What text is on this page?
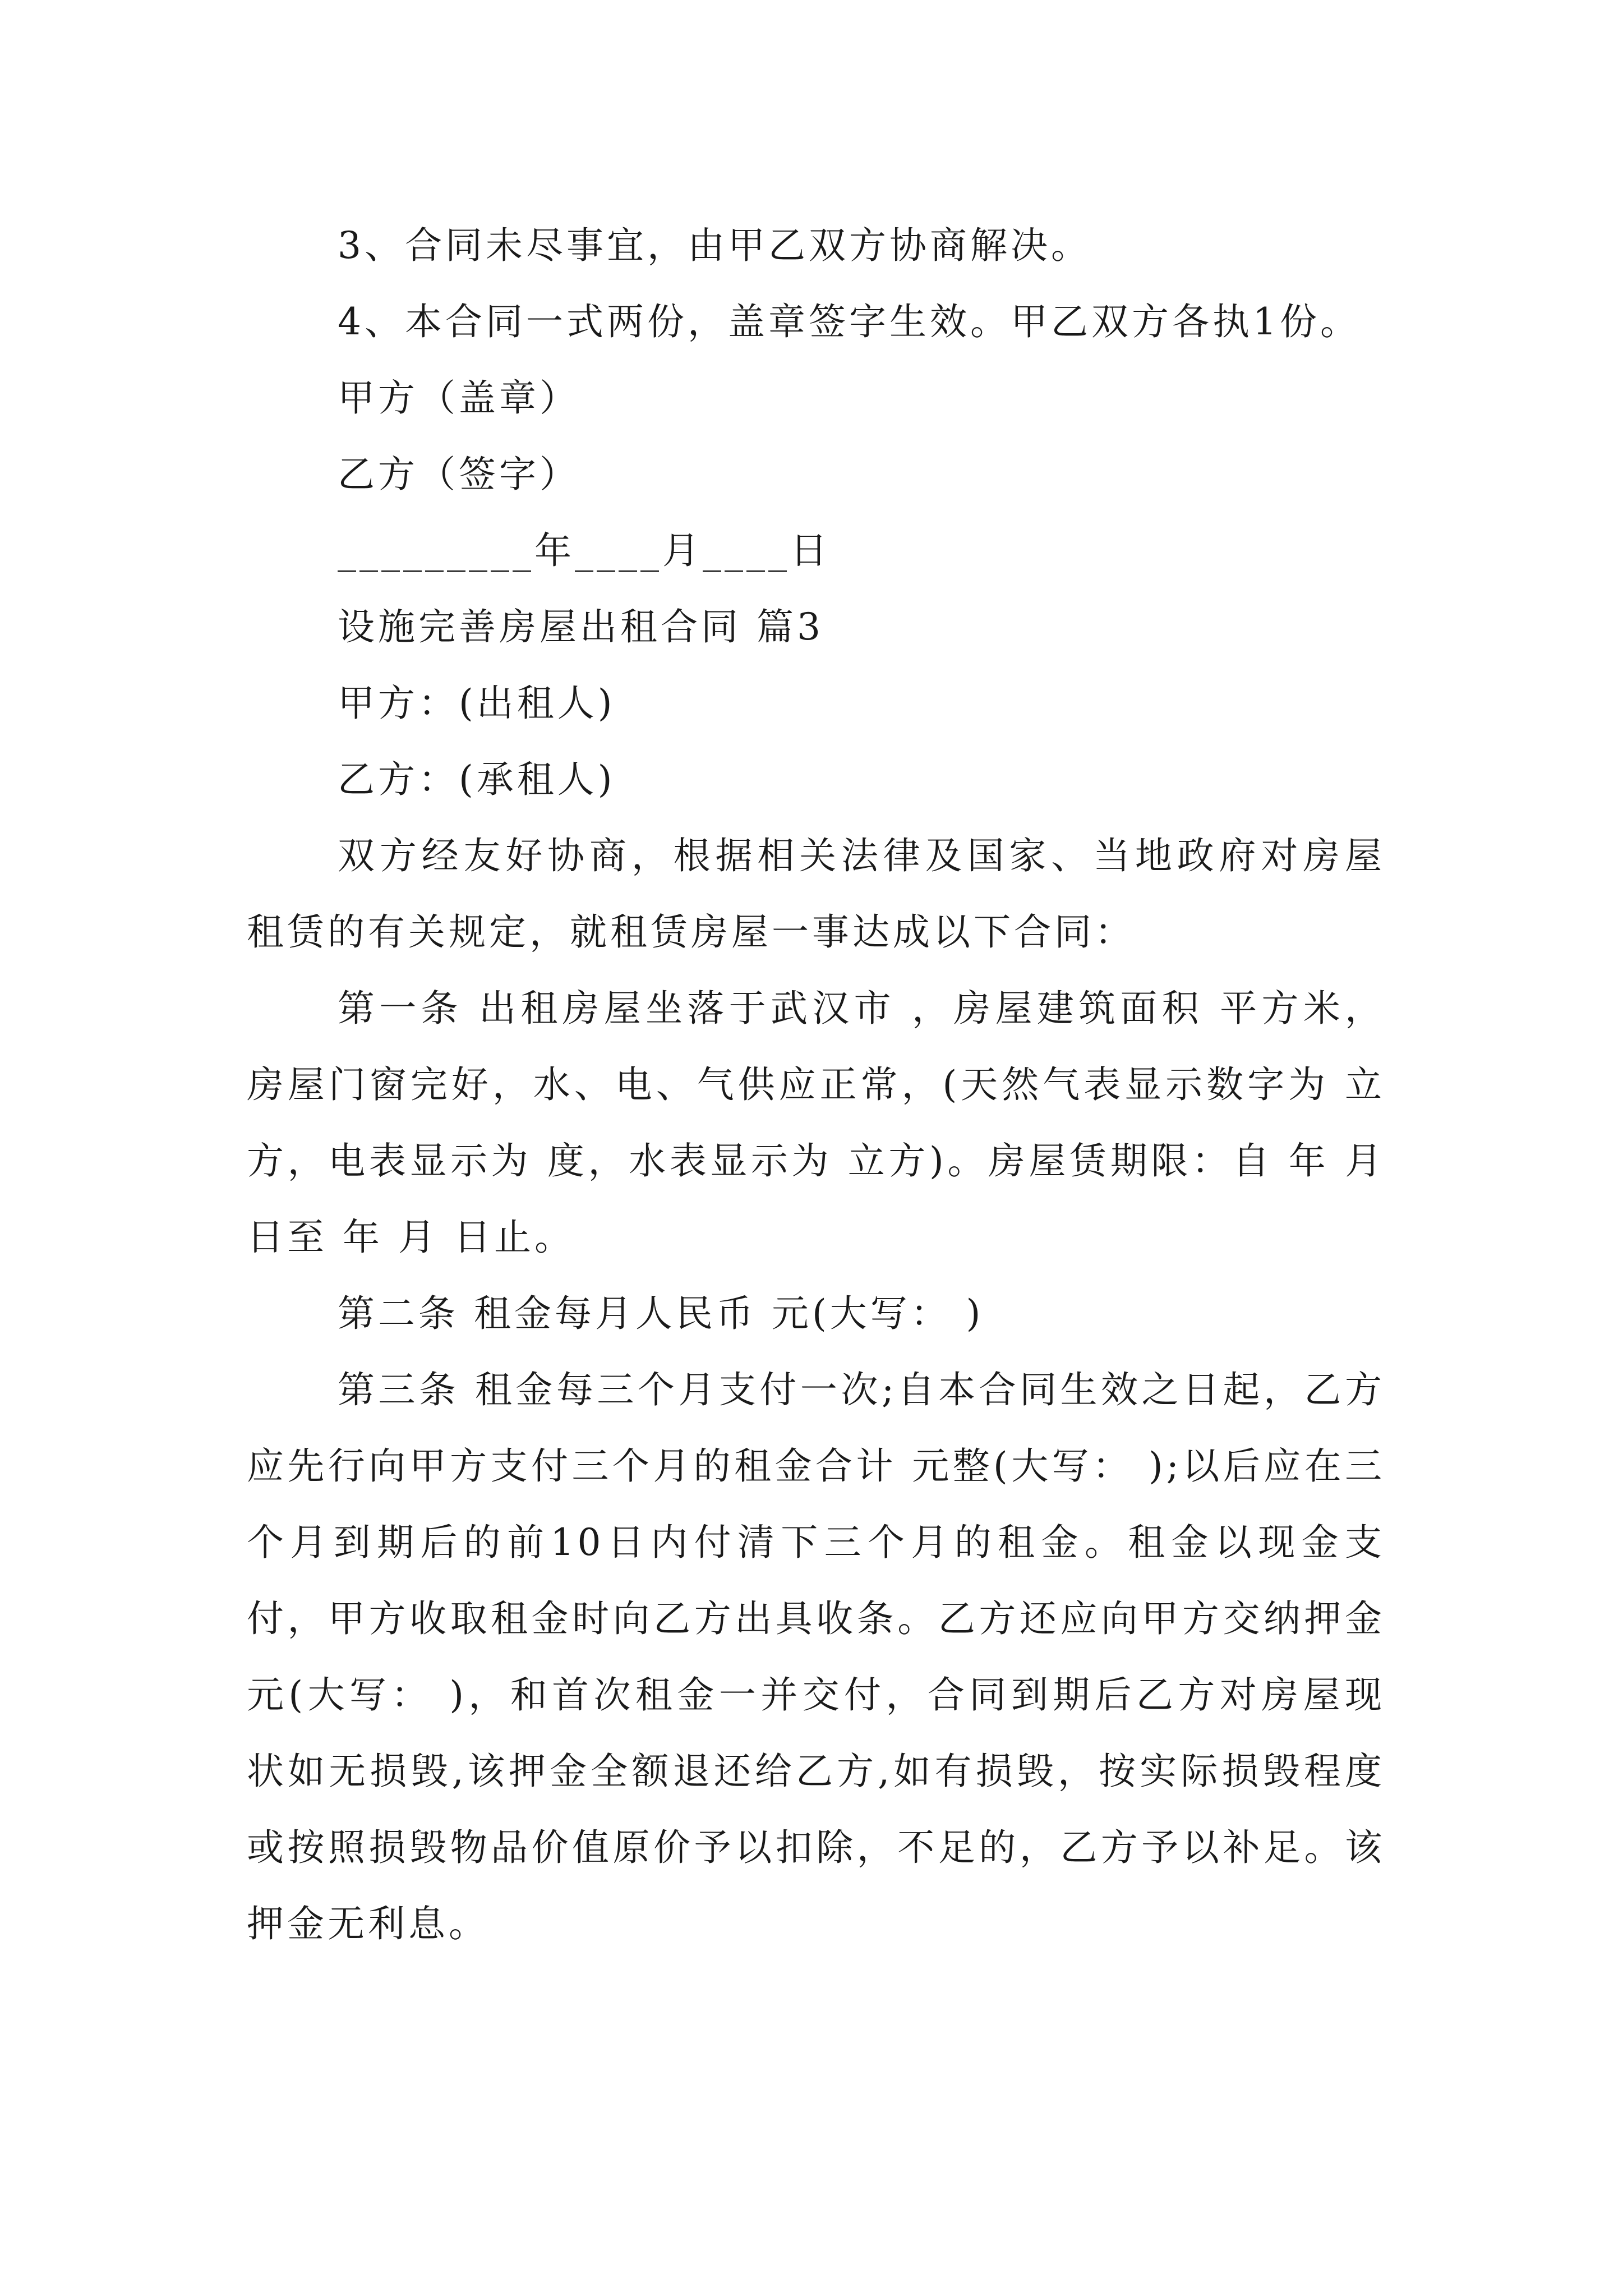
3、合同未尽事宜，由甲乙双方协商解决。

4、本合同一式两份，盖章签字生效。甲乙双方各执1份。

甲方（盖章）

乙方（签字）

_________年____月____日

设施完善房屋出租合同 篇3

甲方：(出租人)

乙方：(承租人)

双方经友好协商，根据相关法律及国家、当地政府对房屋租赁的有关规定，就租赁房屋一事达成以下合同：

第一条 出租房屋坐落于武汉市 ，房屋建筑面积 平方米，房屋门窗完好，水、电、气供应正常，(天然气表显示数字为 立方，电表显示为 度，水表显示为 立方)。房屋赁期限：自 年 月 日至 年 月 日止。

第二条 租金每月人民币 元(大写： )

第三条 租金每三个月支付一次;自本合同生效之日起，乙方应先行向甲方支付三个月的租金合计 元整(大写： );以后应在三个月到期后的前10日内付清下三个月的租金。租金以现金支付，甲方收取租金时向乙方出具收条。乙方还应向甲方交纳押金 元(大写： )，和首次租金一并交付，合同到期后乙方对房屋现状如无损毁,该押金全额退还给乙方,如有损毁，按实际损毁程度或按照损毁物品价值原价予以扣除，不足的，乙方予以补足。该押金无利息。
